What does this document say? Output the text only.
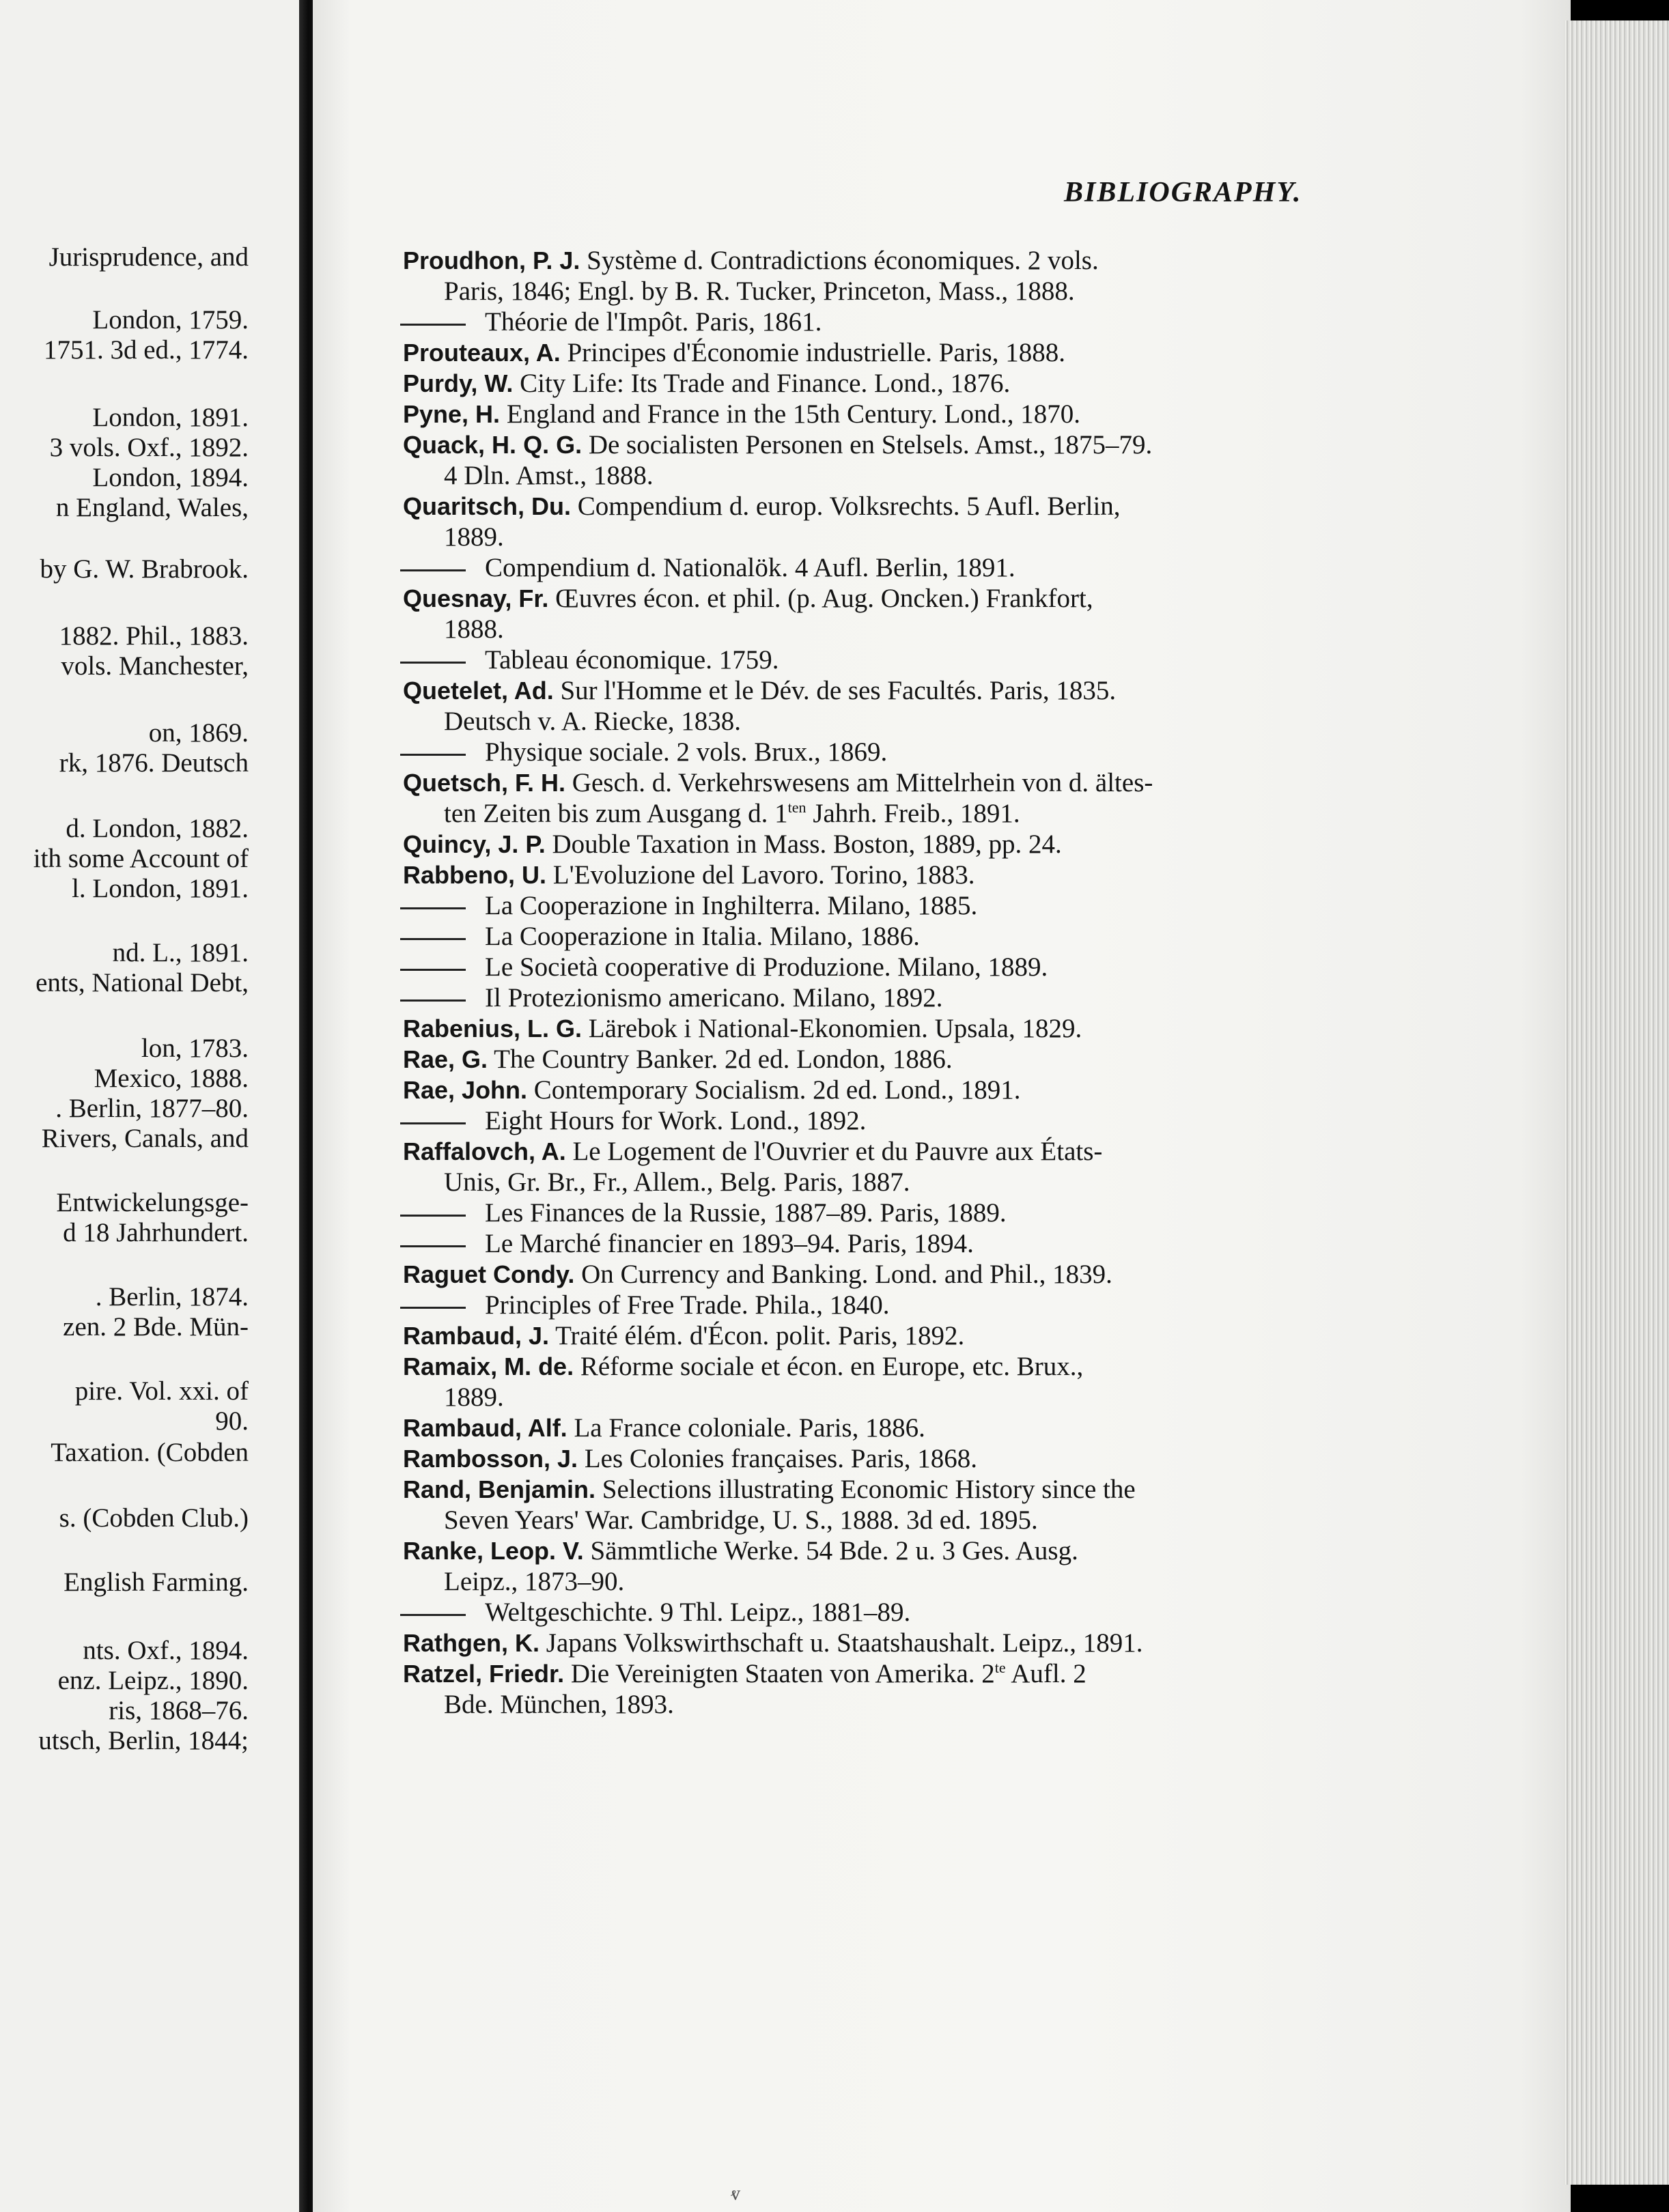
Jurisprudence, and
London, 1759.
1751. 3d ed., 1774.
London, 1891.
3 vols. Oxf., 1892.
London, 1894.
n England, Wales,
by G. W. Brabrook.
1882. Phil., 1883.
vols. Manchester,
on, 1869.
rk, 1876. Deutsch
d. London, 1882.
ith some Account of
l. London, 1891.
nd. L., 1891.
ents, National Debt,
lon, 1783.
Mexico, 1888.
. Berlin, 1877–80.
Rivers, Canals, and
Entwickelungsge-
d 18 Jahrhundert.
. Berlin, 1874.
zen. 2 Bde. Mün-
pire. Vol. xxi. of
90.
Taxation. (Cobden
s. (Cobden Club.)
English Farming.
nts. Oxf., 1894.
enz. Leipz., 1890.
ris, 1868–76.
utsch, Berlin, 1844;
BIBLIOGRAPHY.
Proudhon, P. J. Système d. Contradictions économiques. 2 vols.
Paris, 1846; Engl. by B. R. Tucker, Princeton, Mass., 1888.
Théorie de l'Impôt. Paris, 1861.
Prouteaux, A. Principes d'Économie industrielle. Paris, 1888.
Purdy, W. City Life: Its Trade and Finance. Lond., 1876.
Pyne, H. England and France in the 15th Century. Lond., 1870.
Quack, H. Q. G. De socialisten Personen en Stelsels. Amst., 1875–79.
4 Dln. Amst., 1888.
Quaritsch, Du. Compendium d. europ. Volksrechts. 5 Aufl. Berlin,
1889.
Compendium d. Nationalök. 4 Aufl. Berlin, 1891.
Quesnay, Fr. Œuvres écon. et phil. (p. Aug. Oncken.) Frankfort,
1888.
Tableau économique. 1759.
Quetelet, Ad. Sur l'Homme et le Dév. de ses Facultés. Paris, 1835.
Deutsch v. A. Riecke, 1838.
Physique sociale. 2 vols. Brux., 1869.
Quetsch, F. H. Gesch. d. Verkehrswesens am Mittelrhein von d. ältes-
ten Zeiten bis zum Ausgang d. $1^{ten}$ Jahrh. Freib., 1891.
Quincy, J. P. Double Taxation in Mass. Boston, 1889, pp. 24.
Rabbeno, U. L'Evoluzione del Lavoro. Torino, 1883.
La Cooperazione in Inghilterra. Milano, 1885.
La Cooperazione in Italia. Milano, 1886.
Le Società cooperative di Produzione. Milano, 1889.
Il Protezionismo americano. Milano, 1892.
Rabenius, L. G. Lärebok i National-Ekonomien. Upsala, 1829.
Rae, G. The Country Banker. 2d ed. London, 1886.
Rae, John. Contemporary Socialism. 2d ed. Lond., 1891.
Eight Hours for Work. Lond., 1892.
Raffalovch, A. Le Logement de l'Ouvrier et du Pauvre aux États-
Unis, Gr. Br., Fr., Allem., Belg. Paris, 1887.
Les Finances de la Russie, 1887–89. Paris, 1889.
Le Marché financier en 1893–94. Paris, 1894.
Raguet Condy. On Currency and Banking. Lond. and Phil., 1839.
Principles of Free Trade. Phila., 1840.
Rambaud, J. Traité élém. d'Écon. polit. Paris, 1892.
Ramaix, M. de. Réforme sociale et écon. en Europe, etc. Brux.,
1889.
Rambaud, Alf. La France coloniale. Paris, 1886.
Rambosson, J. Les Colonies françaises. Paris, 1868.
Rand, Benjamin. Selections illustrating Economic History since the
Seven Years' War. Cambridge, U. S., 1888. 3d ed. 1895.
Ranke, Leop. V. Sämmtliche Werke. 54 Bde. 2 u. 3 Ges. Ausg.
Leipz., 1873–90.
Weltgeschichte. 9 Thl. Leipz., 1881–89.
Rathgen, K. Japans Volkswirthschaft u. Staatshaushalt. Leipz., 1891.
Ratzel, Friedr. Die Vereinigten Staaten von Amerika. $2^{te}$ Aufl. 2
Bde. München, 1893.
ⱴ
